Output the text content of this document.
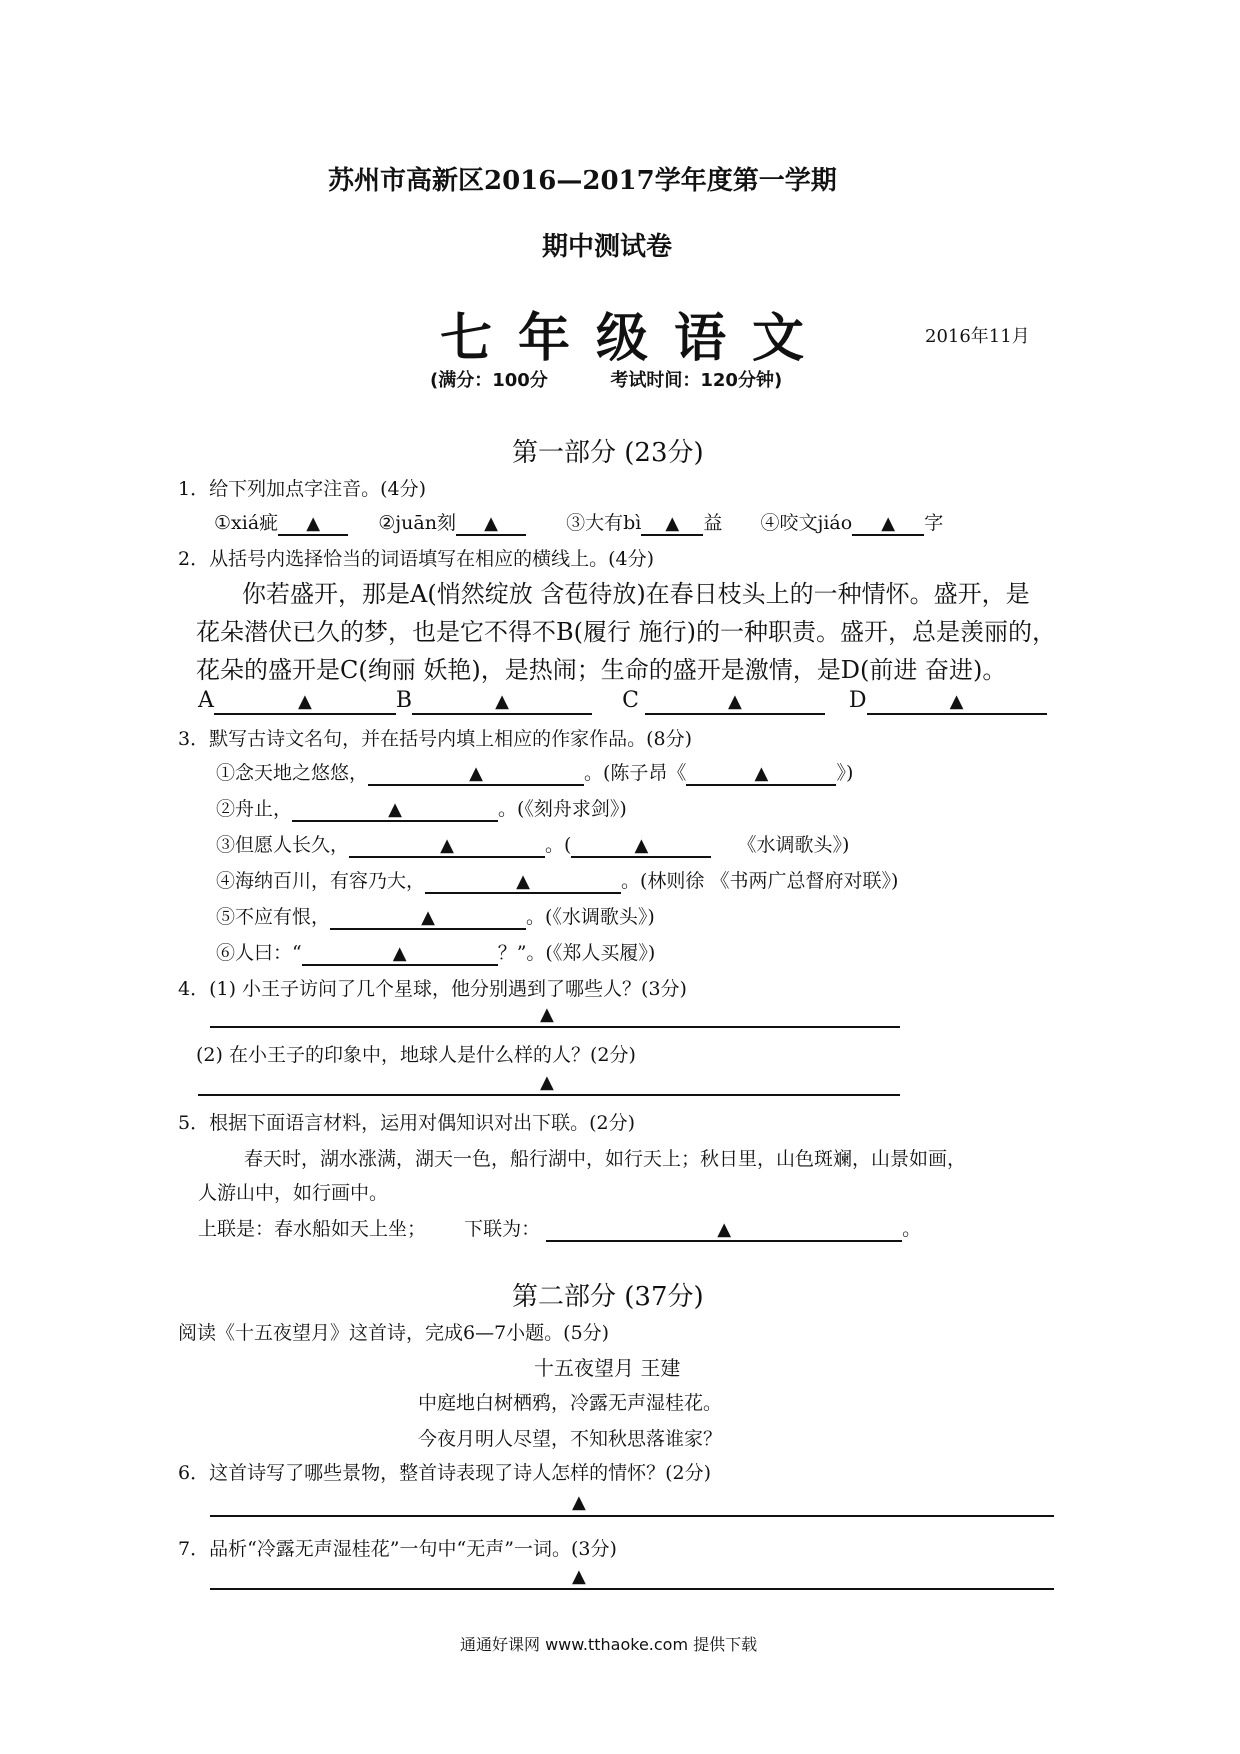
苏州市高新区2016—2017学年度第一学期
期中测试卷
七年级语文	2016年11月
(满分：100分	考试时间：120分钟)
第一部分 (23分)
1．给下列加点字注音。(4分)
①xiá疵 ▲	②juān刻 ▲	③大有bì ▲ 益 ④咬文jiáo ▲ 字
2．从括号内选择恰当的词语填写在相应的横线上。(4分)
你若盛开，那是A(悄然绽放 含苞待放)在春日枝头上的一种情怀。盛开，是
花朵潜伏已久的梦，也是它不得不B(履行 施行)的一种职责。盛开，总是羡丽的，
花朵的盛开是C(绚丽 妖艳)，是热闹；生命的盛开是激情，是D(前进 奋进)。
A	▲	B	▲	C	▲	D	▲
3．默写古诗文名句，并在括号内填上相应的作家作品。(8分)
①念天地之悠悠，	▲	。(陈子昂《	▲	》)
②舟止，	▲	。(《刻舟求剑》)
③但愿人长久，	▲	。(	▲	《水调歌头》)
④海纳百川，有容乃大，	▲	。(林则徐 《书两广总督府对联》)
⑤不应有恨，	▲	。(《水调歌头》)
⑥人曰：“	▲	？”。(《郑人买履》)
4．(1) 小王子访问了几个星球，他分别遇到了哪些人？(3分)
▲
(2) 在小王子的印象中，地球人是什么样的人？(2分)
▲
5．根据下面语言材料，运用对偶知识对出下联。(2分)
春天时，湖水涨满，湖天一色，船行湖中，如行天上；秋日里，山色斑斓，山景如画，
人游山中，如行画中。
上联是：春水船如天上坐； 下联为：	▲	。
第二部分 (37分)
阅读《十五夜望月》这首诗，完成6—7小题。(5分)
十五夜望月 王建
中庭地白树栖鸦，冷露无声湿桂花。
今夜月明人尽望，不知秋思落谁家？
6．这首诗写了哪些景物，整首诗表现了诗人怎样的情怀？(2分)
▲
7．品析“冷露无声湿桂花”一句中“无声”一词。(3分)
▲
通通好课网 www.tthaoke.com 提供下载
